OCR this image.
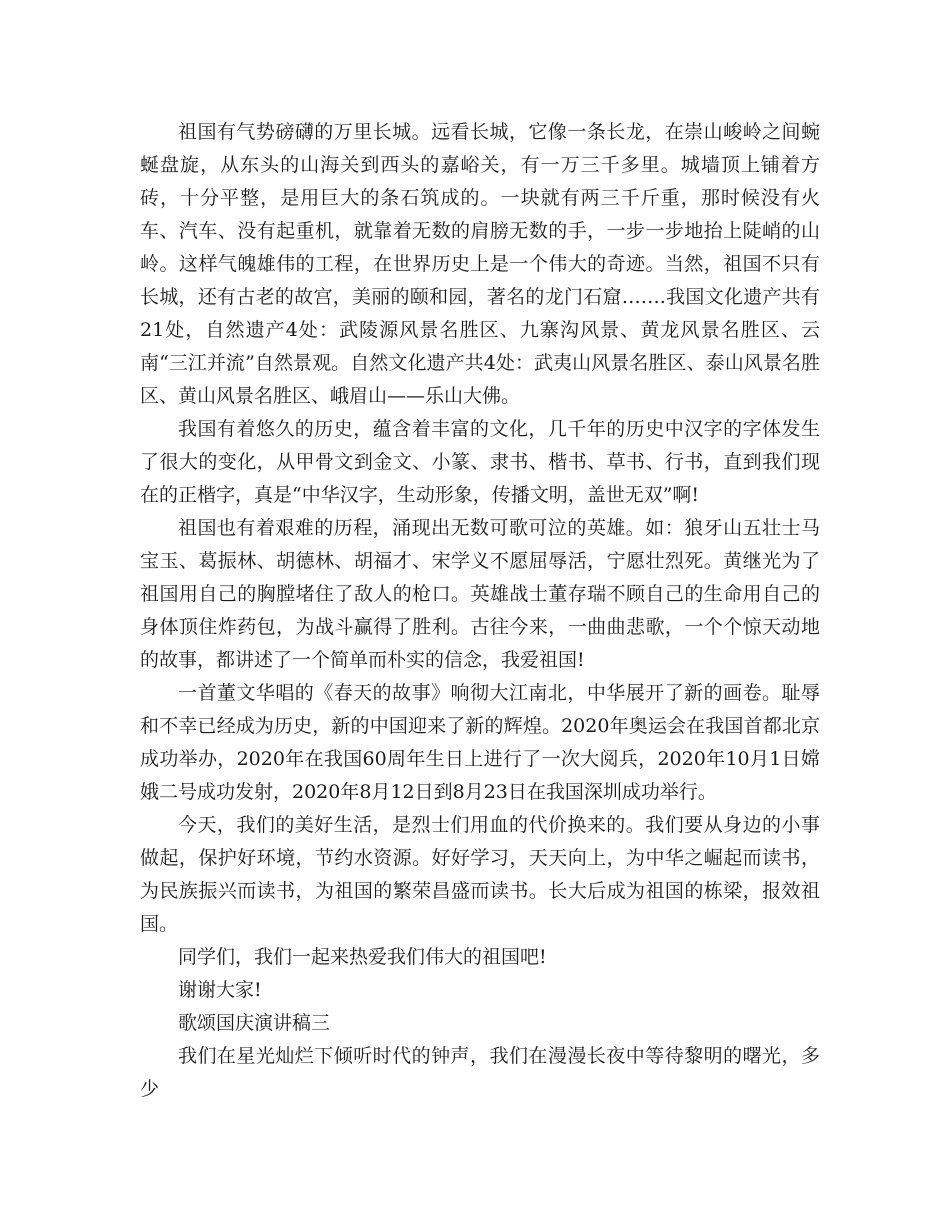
祖国有气势磅礴的万里长城。远看长城，它像一条长龙，在崇山峻岭之间蜿蜒盘旋，从东头的山海关到西头的嘉峪关，有一万三千多里。城墙顶上铺着方砖，十分平整，是用巨大的条石筑成的。一块就有两三千斤重，那时候没有火车、汽车、没有起重机，就靠着无数的肩膀无数的手，一步一步地抬上陡峭的山岭。这样气魄雄伟的工程，在世界历史上是一个伟大的奇迹。当然，祖国不只有长城，还有古老的故宫，美丽的颐和园，著名的龙门石窟…….我国文化遗产共有21处，自然遗产4处：武陵源风景名胜区、九寨沟风景、黄龙风景名胜区、云南“三江并流”自然景观。自然文化遗产共4处：武夷山风景名胜区、泰山风景名胜区、黄山风景名胜区、峨眉山——乐山大佛。

我国有着悠久的历史，蕴含着丰富的文化，几千年的历史中汉字的字体发生了很大的变化，从甲骨文到金文、小篆、隶书、楷书、草书、行书，直到我们现在的正楷字，真是“中华汉字，生动形象，传播文明，盖世无双”啊!

祖国也有着艰难的历程，涌现出无数可歌可泣的英雄。如：狼牙山五壮士马宝玉、葛振林、胡德林、胡福才、宋学义不愿屈辱活，宁愿壮烈死。黄继光为了祖国用自己的胸膛堵住了敌人的枪口。英雄战士董存瑞不顾自己的生命用自己的身体顶住炸药包，为战斗赢得了胜利。古往今来，一曲曲悲歌，一个个惊天动地的故事，都讲述了一个简单而朴实的信念，我爱祖国!

一首董文华唱的《春天的故事》响彻大江南北，中华展开了新的画卷。耻辱和不幸已经成为历史，新的中国迎来了新的辉煌。2020年奥运会在我国首都北京成功举办，2020年在我国60周年生日上进行了一次大阅兵，2020年10月1日嫦娥二号成功发射，2020年8月12日到8月23日在我国深圳成功举行。

今天，我们的美好生活，是烈士们用血的代价换来的。我们要从身边的小事做起，保护好环境，节约水资源。好好学习，天天向上，为中华之崛起而读书，为民族振兴而读书，为祖国的繁荣昌盛而读书。长大后成为祖国的栋梁，报效祖国。

同学们，我们一起来热爱我们伟大的祖国吧!

谢谢大家!

歌颂国庆演讲稿三

我们在星光灿烂下倾听时代的钟声，我们在漫漫长夜中等待黎明的曙光，多少
